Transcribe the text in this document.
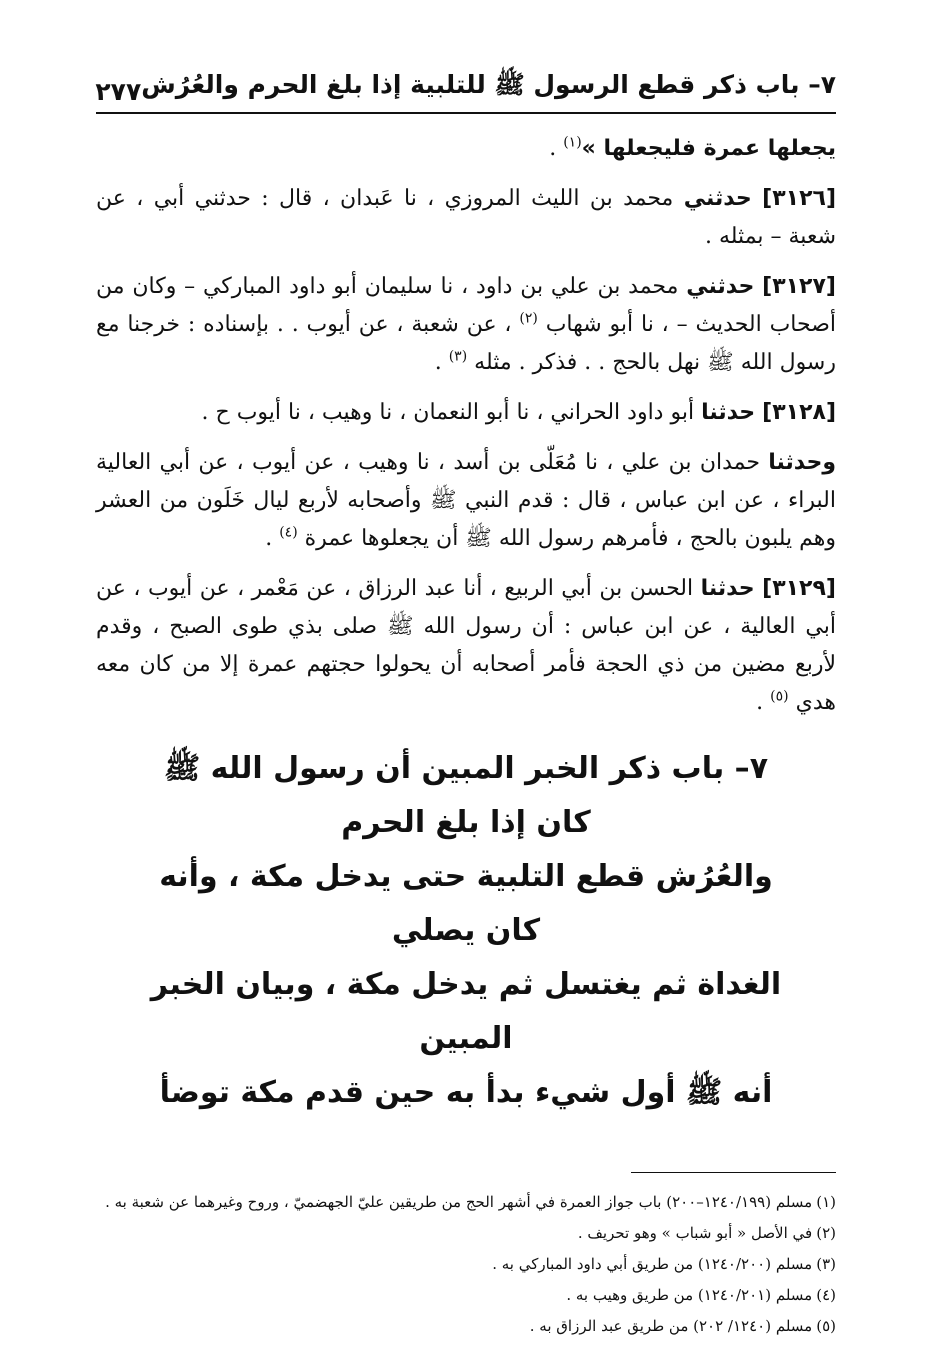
٧– باب ذكر قطع الرسول ﷺ للتلبية إذا بلغ الحرم والعُرُش
٢٧٧

يجعلها عمرة فليجعلها »$^{(١)}$ .

[٣١٢٦] حدثني محمد بن الليث المروزي ، نا عَبدان ، قال : حدثني أبي ، عن شعبة – بمثله .

[٣١٢٧] حدثني محمد بن علي بن داود ، نا سليمان أبو داود المباركي – وكان من أصحاب الحديث – ، نا أبو شهاب $^{(٢)}$ ، عن شعبة ، عن أيوب . . بإسناده : خرجنا مع رسول الله ﷺ نهل بالحج . . فذكر . مثله $^{(٣)}$ .

[٣١٢٨] حدثنا أبو داود الحراني ، نا أبو النعمان ، نا وهيب ، نا أيوب ح .

وحدثنا حمدان بن علي ، نا مُعَلّى بن أسد ، نا وهيب ، عن أيوب ، عن أبي العالية البراء ، عن ابن عباس ، قال : قدم النبي ﷺ وأصحابه لأربع ليال خَلَون من العشر وهم يلبون بالحج ، فأمرهم رسول الله ﷺ أن يجعلوها عمرة $^{(٤)}$ .

[٣١٢٩] حدثنا الحسن بن أبي الربيع ، أنا عبد الرزاق ، عن مَعْمر ، عن أيوب ، عن أبي العالية ، عن ابن عباس : أن رسول الله ﷺ صلى بذي طوى الصبح ، وقدم لأربع مضين من ذي الحجة فأمر أصحابه أن يحولوا حجتهم عمرة إلا من كان معه هدي $^{(٥)}$ .

٧– باب ذكر الخبر المبين أن رسول الله ﷺ كان إذا بلغ الحرم
والعُرُش قطع التلبية حتى يدخل مكة ، وأنه كان يصلي
الغداة ثم يغتسل ثم يدخل مكة ، وبيان الخبر المبين
أنه ﷺ أول شيء بدأ به حين قدم مكة توضأ

(١)مسلم (١٢٤٠/١٩٩–٢٠٠) باب جواز العمرة في أشهر الحج من طريقين عليّ الجهضميّ ، وروح وغيرهما عن شعبة به .

(٢)في الأصل « أبو شباب » وهو تحريف .

(٣)مسلم (١٢٤٠/٢٠٠) من طريق أبي داود المباركي به .

(٤)مسلم (١٢٤٠/٢٠١) من طريق وهيب به .

(٥)مسلم (١٢٤٠/ ٢٠٢) من طريق عبد الرزاق به .
